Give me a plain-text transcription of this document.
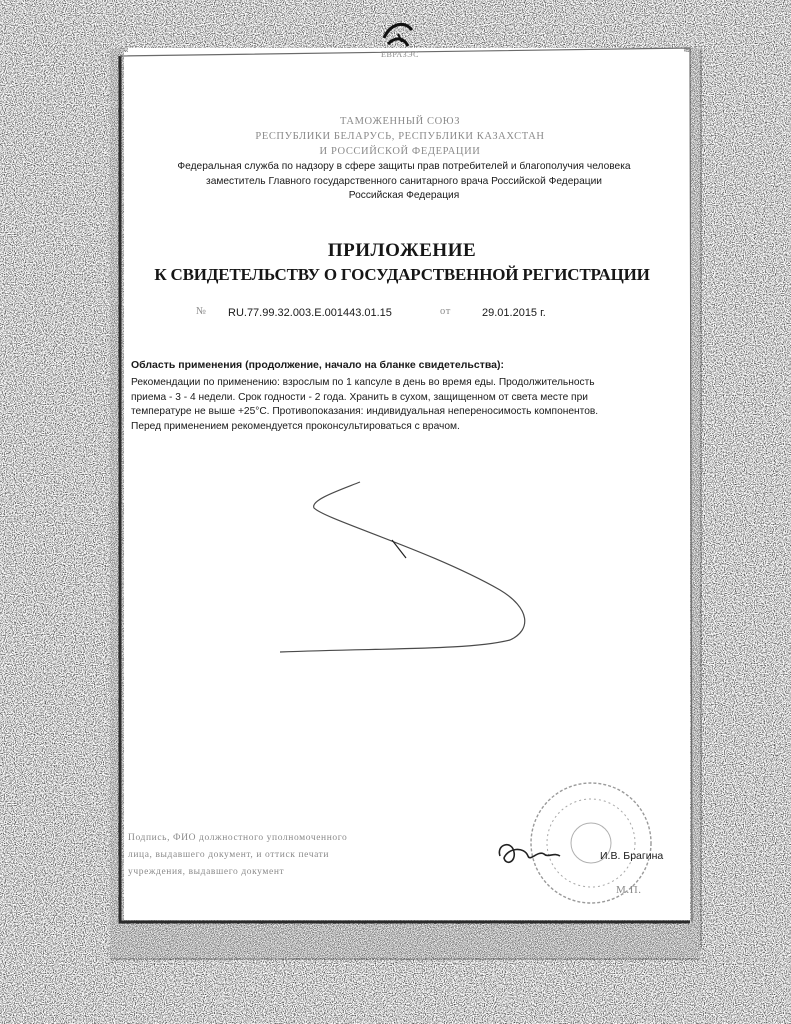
ЕВРАЗЭС
ТАМОЖЕННЫЙ СОЮЗ
РЕСПУБЛИКИ БЕЛАРУСЬ, РЕСПУБЛИКИ КАЗАХСТАН
И РОССИЙСКОЙ ФЕДЕРАЦИИ
Федеральная служба по надзору в сфере защиты прав потребителей и благополучия человека
заместитель Главного государственного санитарного врача Российской Федерации
Российская Федерация
ПРИЛОЖЕНИЕ
К СВИДЕТЕЛЬСТВУ О ГОСУДАРСТВЕННОЙ РЕГИСТРАЦИИ
№ RU.77.99.32.003.Е.001443.01.15	от	29.01.2015 г.
Область применения (продолжение, начало на бланке свидетельства):
Рекомендации по применению: взрослым по 1 капсуле в день во время еды. Продолжительность
приема - 3 - 4 недели. Срок годности - 2 года. Хранить в сухом, защищенном от света месте при
температуре не выше +25°С. Противопоказания: индивидуальная непереносимость компонентов.
Перед применением рекомендуется проконсультироваться с врачом.
Подпись, ФИО должностного уполномоченного
лица, выдавшего документ, и оттиск печати
учреждения, выдавшего документ
И.В. Брагина
М.П.
